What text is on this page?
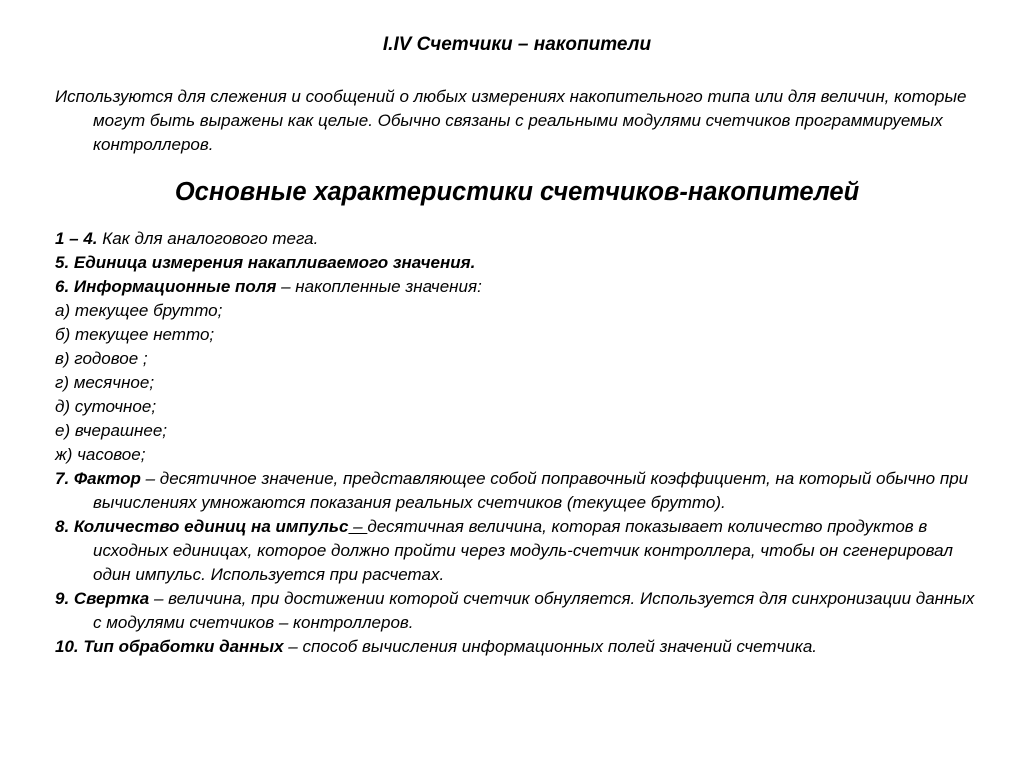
I.IV Счетчики – накопители

Используются для слежения и сообщений о любых измерениях накопительного типа или для величин, которые могут быть выражены как целые. Обычно связаны с реальными модулями счетчиков программируемых контроллеров.

Основные характеристики счетчиков-накопителей

1 – 4. Как для аналогового тега.

5. Единица измерения накапливаемого значения.

6. Информационные поля – накопленные значения:

а) текущее брутто;

б) текущее нетто;

в) годовое ;

г) месячное;

д) суточное;

е) вчерашнее;

ж) часовое;

7. Фактор – десятичное значение, представляющее собой поправочный коэффициент, на который обычно при вычислениях умножаются показания реальных счетчиков (текущее брутто).

8. Количество единиц на импульс – десятичная величина, которая показывает количество продуктов в исходных единицах, которое должно пройти через модуль-счетчик контроллера, чтобы он сгенерировал один импульс. Используется при расчетах.

9. Свертка – величина, при достижении которой счетчик обнуляется. Используется для синхронизации данных с модулями счетчиков – контроллеров.

10. Тип обработки данных – способ вычисления информационных полей значений счетчика.
